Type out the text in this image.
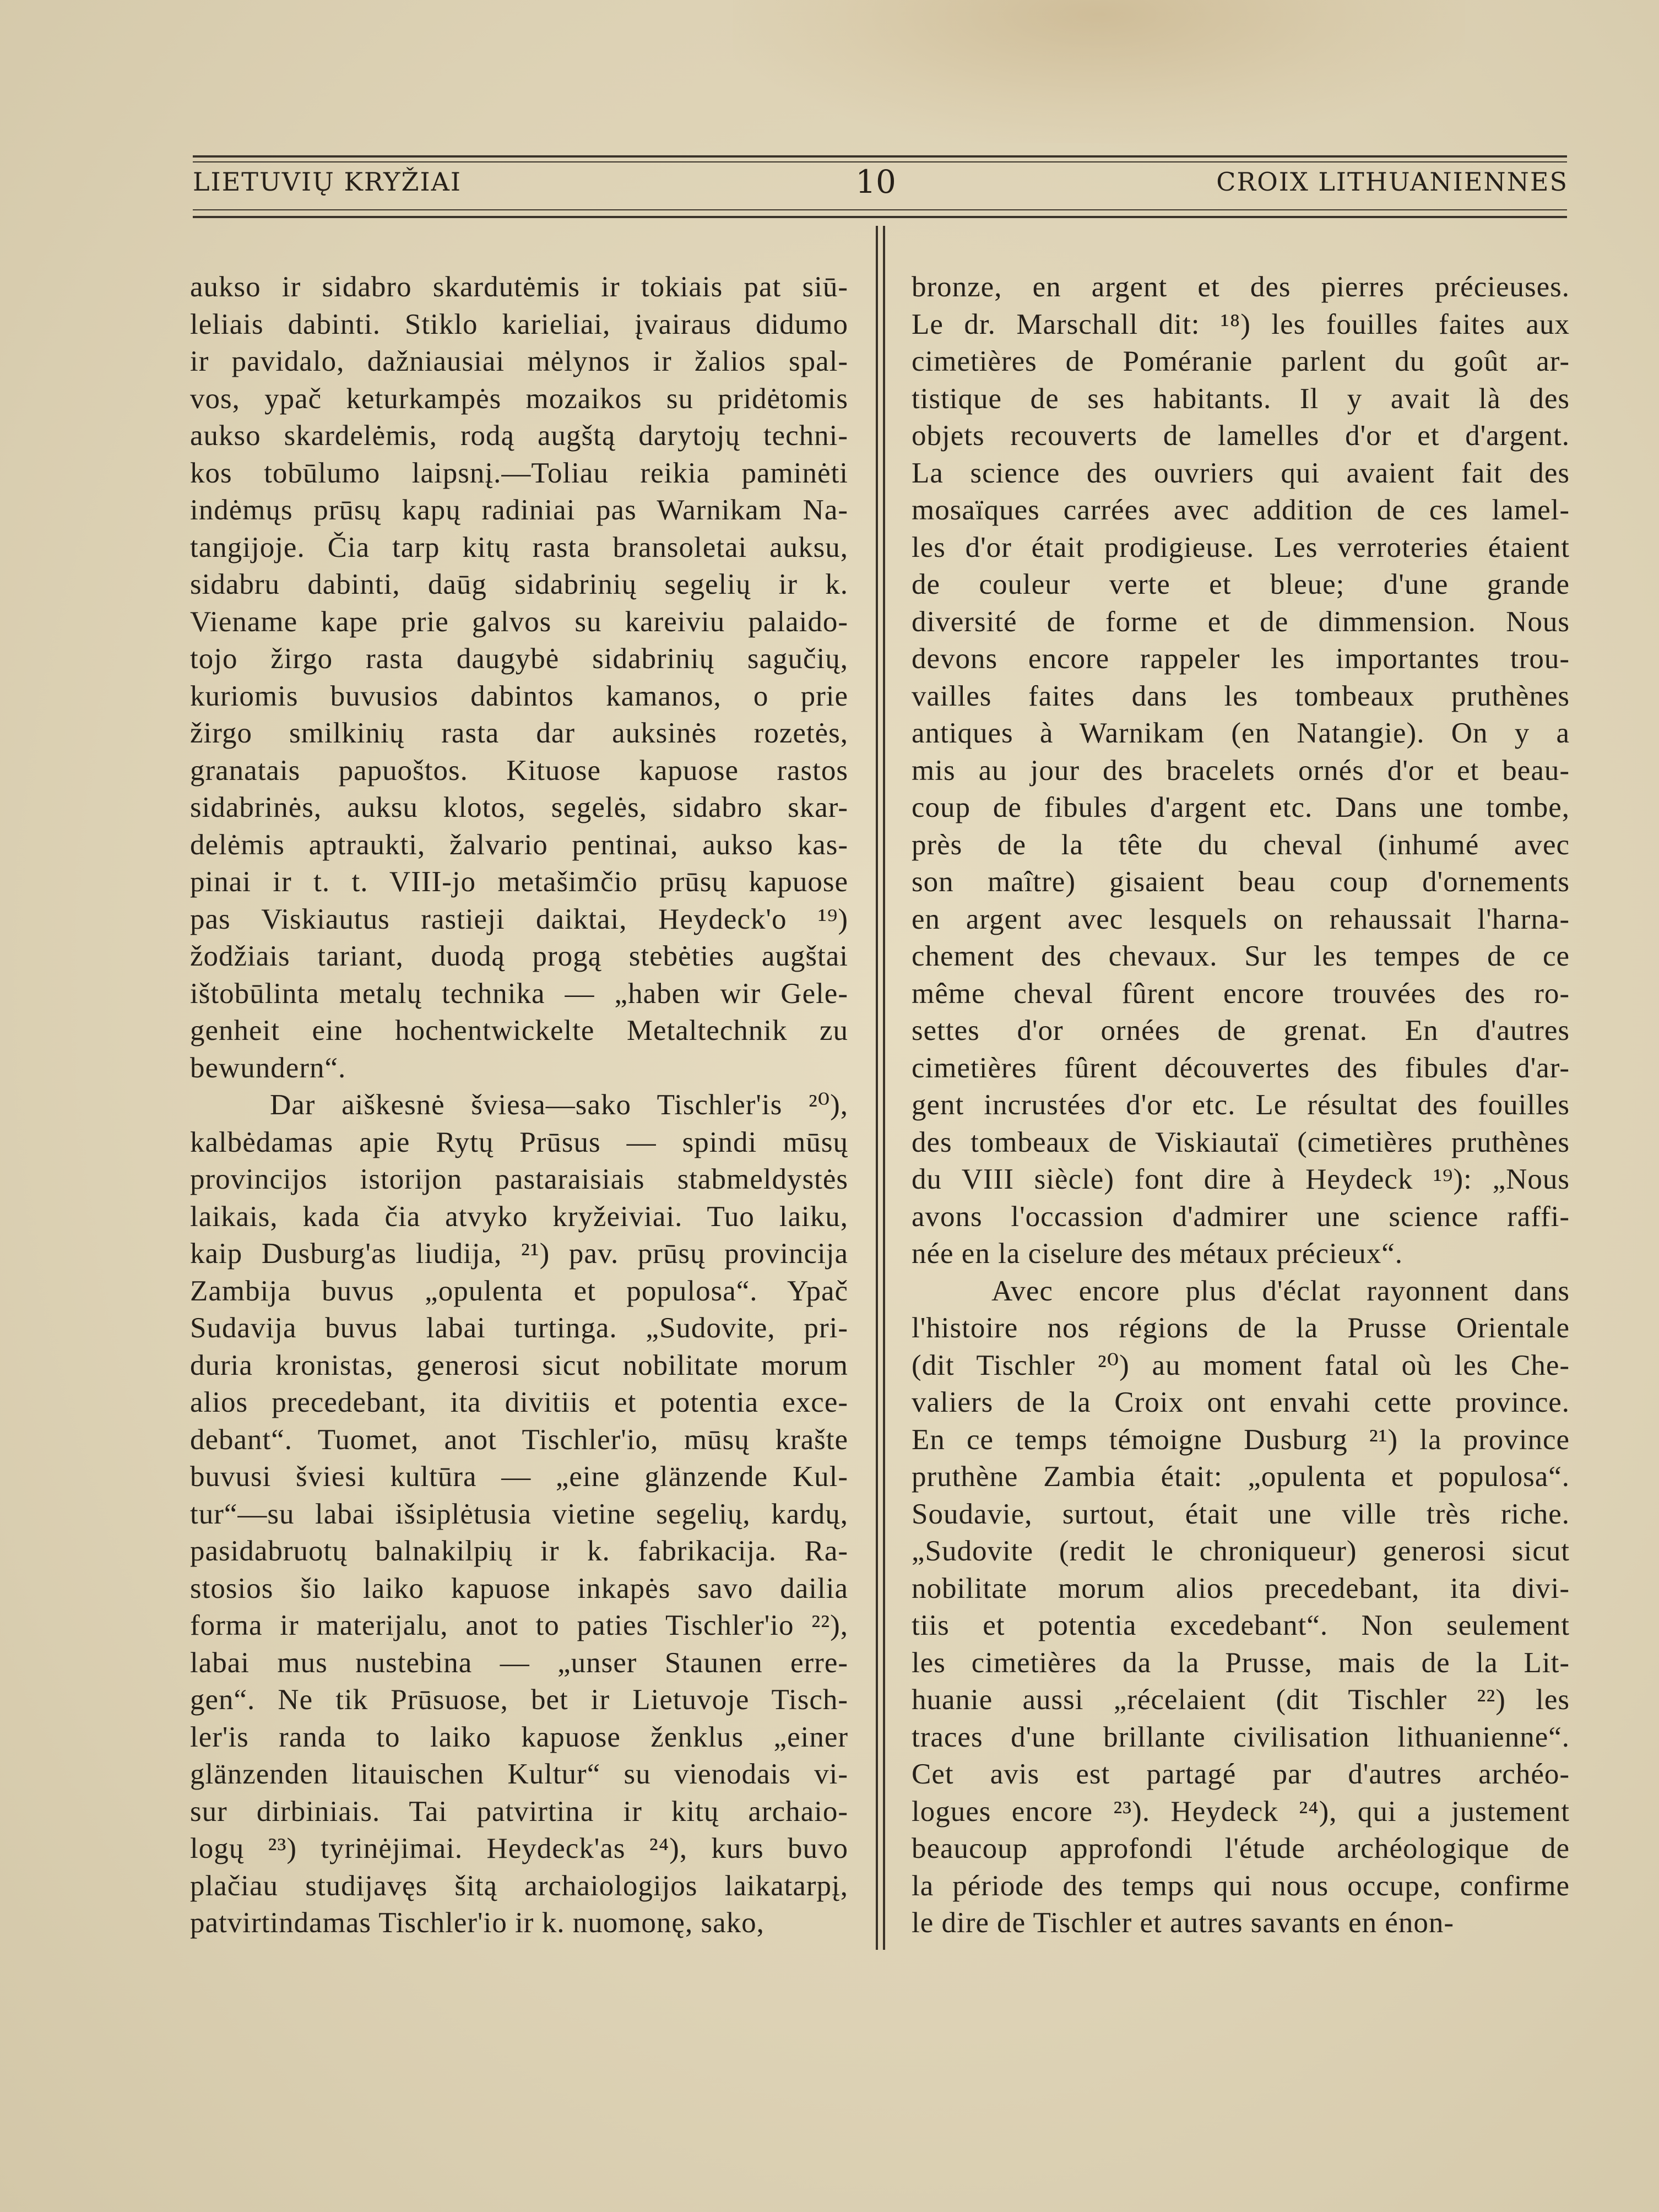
LIETUVIŲ KRYŽIAI	10	CROIX LITHUANIENNES
aukso ir sidabro skardutėmis ir tokiais pat siū-
leliais dabinti. Stiklo karieliai, įvairaus didumo
ir pavidalo, dažniausiai mėlynos ir žalios spal-
vos, ypač keturkampės mozaikos su pridėtomis
aukso skardelėmis, rodą augštą darytojų techni-
kos tobūlumo laipsnį.—Toliau reikia paminėti
indėmųs prūsų kapų radiniai pas Warnikam Na-
tangijoje. Čia tarp kitų rasta bransoletai auksu,
sidabru dabinti, daūg sidabrinių segelių ir k.
Viename kape prie galvos su kareiviu palaido-
tojo žirgo rasta daugybė sidabrinių sagučių,
kuriomis buvusios dabintos kamanos, o prie
žirgo smilkinių rasta dar auksinės rozetės,
granatais papuoštos. Kituose kapuose rastos
sidabrinės, auksu klotos, segelės, sidabro skar-
delėmis aptraukti, žalvario pentinai, aukso kas-
pinai ir t. t. VIII-jo metašimčio prūsų kapuose
pas Viskiautus rastieji daiktai, Heydeck'o ¹⁹)
žodžiais tariant, duodą progą stebėties augštai
ištobūlinta metalų technika — „haben wir Gele-
genheit eine hochentwickelte Metaltechnik zu
bewundern“.
Dar aiškesnė šviesa—sako Tischler'is ²⁰),
kalbėdamas apie Rytų Prūsus — spindi mūsų
provincijos istorijon pastaraisiais stabmeldystės
laikais, kada čia atvyko kryžeiviai. Tuo laiku,
kaip Dusburg'as liudija, ²¹) pav. prūsų provincija
Zambija buvus „opulenta et populosa“. Ypač
Sudavija buvus labai turtinga. „Sudovite, pri-
duria kronistas, generosi sicut nobilitate morum
alios precedebant, ita divitiis et potentia exce-
debant“. Tuomet, anot Tischler'io, mūsų krašte
buvusi šviesi kultūra — „eine glänzende Kul-
tur“—su labai išsiplėtusia vietine segelių, kardų,
pasidabruotų balnakilpių ir k. fabrikacija. Ra-
stosios šio laiko kapuose inkapės savo dailia
forma ir materijalu, anot to paties Tischler'io ²²),
labai mus nustebina — „unser Staunen erre-
gen“. Ne tik Prūsuose, bet ir Lietuvoje Tisch-
ler'is randa to laiko kapuose ženklus „einer
glänzenden litauischen Kultur“ su vienodais vi-
sur dirbiniais. Tai patvirtina ir kitų archaio-
logų ²³) tyrinėjimai. Heydeck'as ²⁴), kurs buvo
plačiau studijavęs šitą archaiologijos laikatarpį,
patvirtindamas Tischler'io ir k. nuomonę, sako,
bronze, en argent et des pierres précieuses.
Le dr. Marschall dit: ¹⁸) les fouilles faites aux
cimetières de Poméranie parlent du goût ar-
tistique de ses habitants. Il y avait là des
objets recouverts de lamelles d'or et d'argent.
La science des ouvriers qui avaient fait des
mosaïques carrées avec addition de ces lamel-
les d'or était prodigieuse. Les verroteries étaient
de couleur verte et bleue; d'une grande
diversité de forme et de dimmension. Nous
devons encore rappeler les importantes trou-
vailles faites dans les tombeaux pruthènes
antiques à Warnikam (en Natangie). On y a
mis au jour des bracelets ornés d'or et beau-
coup de fibules d'argent etc. Dans une tombe,
près de la tête du cheval (inhumé avec
son maître) gisaient beau coup d'ornements
en argent avec lesquels on rehaussait l'harna-
chement des chevaux. Sur les tempes de ce
même cheval fûrent encore trouvées des ro-
settes d'or ornées de grenat. En d'autres
cimetières fûrent découvertes des fibules d'ar-
gent incrustées d'or etc. Le résultat des fouilles
des tombeaux de Viskiautaï (cimetières pruthènes
du VIII siècle) font dire à Heydeck ¹⁹): „Nous
avons l'occassion d'admirer une science raffi-
née en la ciselure des métaux précieux“.
Avec encore plus d'éclat rayonnent dans
l'histoire nos régions de la Prusse Orientale
(dit Tischler ²⁰) au moment fatal où les Che-
valiers de la Croix ont envahi cette province.
En ce temps témoigne Dusburg ²¹) la province
pruthène Zambia était: „opulenta et populosa“.
Soudavie, surtout, était une ville très riche.
„Sudovite (redit le chroniqueur) generosi sicut
nobilitate morum alios precedebant, ita divi-
tiis et potentia excedebant“. Non seulement
les cimetières da la Prusse, mais de la Lit-
huanie aussi „récelaient (dit Tischler ²²) les
traces d'une brillante civilisation lithuanienne“.
Cet avis est partagé par d'autres archéo-
logues encore ²³). Heydeck ²⁴), qui a justement
beaucoup approfondi l'étude archéologique de
la période des temps qui nous occupe, confirme
le dire de Tischler et autres savants en énon-
